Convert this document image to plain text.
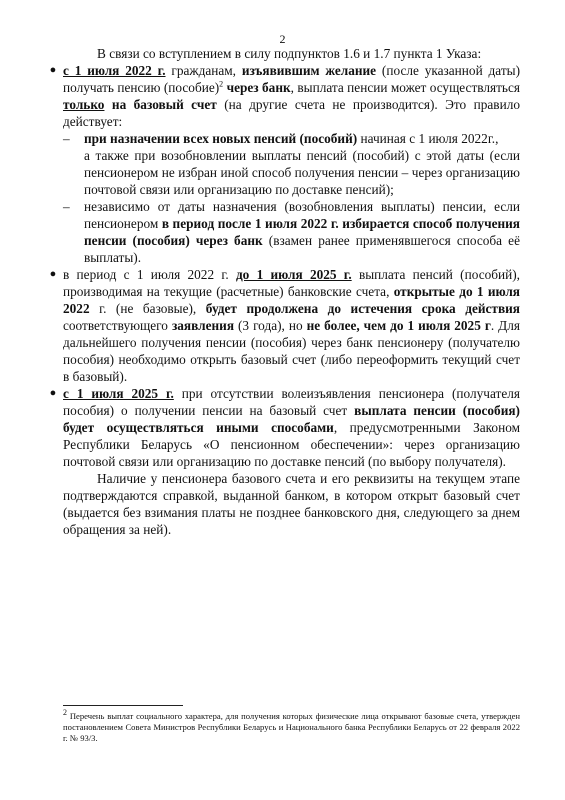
2

В связи со вступлением в силу подпунктов 1.6 и 1.7 пункта 1 Указа:

● с 1 июля 2022 г. гражданам, изъявившим желание (после указанной даты) получать пенсию (пособие)$^2$ через банк, выплата пенсии может осуществляться только на базовый счет (на другие счета не производится). Это правило действует:
– при назначении всех новых пенсий (пособий) начиная с 1 июля 2022г.,

а также при возобновлении выплаты пенсий (пособий) с этой даты (если пенсионером не избран иной способ получения пенсии – через организацию почтовой связи или организацию по доставке пенсий);

– независимо от даты назначения (возобновления выплаты) пенсии, если пенсионером в период после 1 июля 2022 г. избирается способ получения пенсии (пособия) через банк (взамен ранее применявшегося способа её выплаты).
● в период с 1 июля 2022 г. до 1 июля 2025 г. выплата пенсий (пособий), производимая на текущие (расчетные) банковские счета, открытые до 1 июля 2022 г. (не базовые), будет продолжена до истечения срока действия соответствующего заявления (3 года), но не более, чем до 1 июля 2025 г. Для дальнейшего получения пенсии (пособия) через банк пенсионеру (получателю пособия) необходимо открыть базовый счет (либо переоформить текущий счет в базовый).
● с 1 июля 2025 г. при отсутствии волеизъявления пенсионера (получателя пособия) о получении пенсии на базовый счет выплата пенсии (пособия) будет осуществляться иными способами, предусмотренными Законом Республики Беларусь «О пенсионном обеспечении»: через организацию почтовой связи или организацию по доставке пенсий (по выбору получателя).

Наличие у пенсионера базового счета и его реквизиты на текущем этапе подтверждаются справкой, выданной банком, в котором открыт базовый счет (выдается без взимания платы не позднее банковского дня, следующего за днем обращения за ней).

$^2$ Перечень выплат социального характера, для получения которых физические лица открывают базовые счета, утвержден постановлением Совета Министров Республики Беларусь и Национального банка Республики Беларусь от 22 февраля 2022 г. № 93/3.
